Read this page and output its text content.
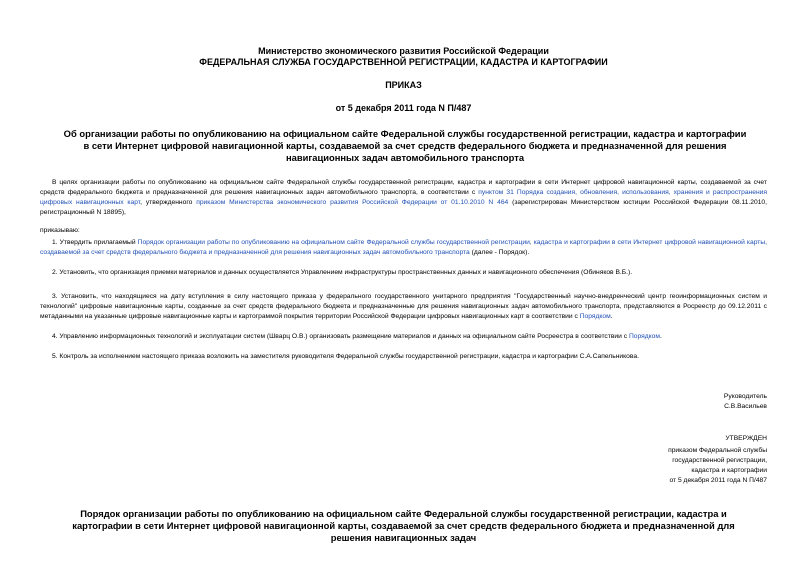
Министерство экономического развития Российской Федерации
ФЕДЕРАЛЬНАЯ СЛУЖБА ГОСУДАРСТВЕННОЙ РЕГИСТРАЦИИ, КАДАСТРА И КАРТОГРАФИИ
ПРИКАЗ
от 5 декабря 2011 года N П/487
Об организации работы по опубликованию на официальном сайте Федеральной службы государственной регистрации, кадастра и картографии в сети Интернет цифровой навигационной карты, создаваемой за счет средств федерального бюджета и предназначенной для решения навигационных задач автомобильного транспорта
В целях организации работы по опубликованию на официальном сайте Федеральной службы государственной регистрации, кадастра и картографии в сети Интернет цифровой навигационной карты, создаваемой за счет средств федерального бюджета и предназначенной для решения навигационных задач автомобильного транспорта, в соответствии с пунктом 31 Порядка создания, обновления, использования, хранения и распространения цифровых навигационных карт, утвержденного приказом Министерства экономического развития Российской Федерации от 01.10.2010 N 464 (зарегистрирован Министерством юстиции Российской Федерации 08.11.2010, регистрационный N 18895),
приказываю:
1. Утвердить прилагаемый Порядок организации работы по опубликованию на официальном сайте Федеральной службы государственной регистрации, кадастра и картографии в сети Интернет цифровой навигационной карты, создаваемой за счет средств федерального бюджета и предназначенной для решения навигационных задач автомобильного транспорта (далее - Порядок).
2. Установить, что организация приемки материалов и данных осуществляется Управлением инфраструктуры пространственных данных и навигационного обеспечения (Обиняков В.Б.).
3. Установить, что находящиеся на дату вступления в силу настоящего приказа у федерального государственного унитарного предприятия "Государственный научно-внедренческий центр геоинформационных систем и технологий" цифровые навигационные карты, созданные за счет средств федерального бюджета и предназначенные для решения навигационных задач автомобильного транспорта, представляются в Росреестр до 09.12.2011 с метаданными на указанные цифровые навигационные карты и картограммой покрытия территории Российской Федерации цифровых навигационных карт в соответствии с Порядком.
4. Управлению информационных технологий и эксплуатации систем (Шварц О.В.) организовать размещение материалов и данных на официальном сайте Росреестра в соответствии с Порядком.
5. Контроль за исполнением настоящего приказа возложить на заместителя руководителя Федеральной службы государственной регистрации, кадастра и картографии С.А.Сапельникова.
Руководитель
С.В.Васильев
УТВЕРЖДЕН
приказом Федеральной службы
государственной регистрации,
кадастра и картографии
от 5 декабря 2011 года N П/487
Порядок организации работы по опубликованию на официальном сайте Федеральной службы государственной регистрации, кадастра и картографии в сети Интернет цифровой навигационной карты, создаваемой за счет средств федерального бюджета и предназначенной для решения навигационных задач
